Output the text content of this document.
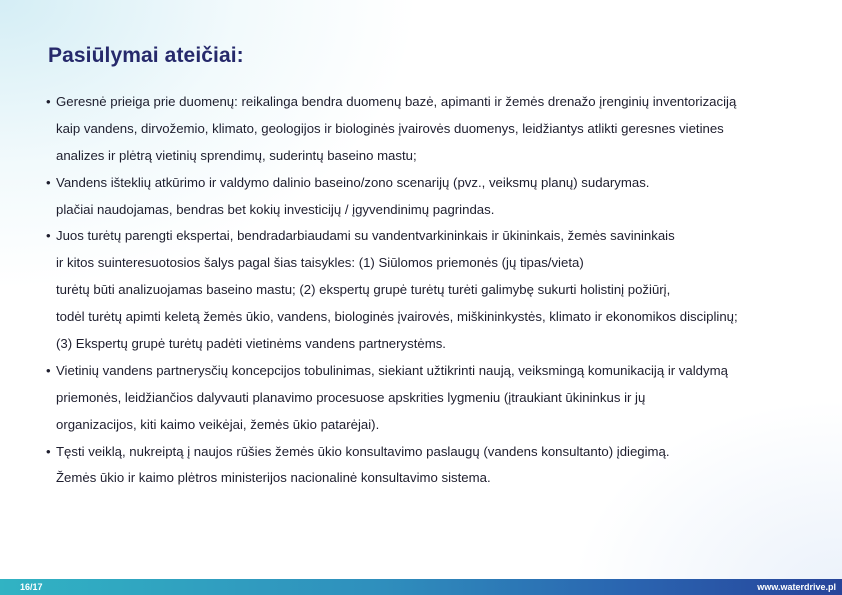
Pasiūlymai ateičiai:
• Geresnė prieiga prie duomenų: reikalinga bendra duomenų bazė, apimanti ir žemės drenažo įrenginių inventorizaciją
kaip vandens, dirvožemio, klimato, geologijos ir biologinės įvairovės duomenys, leidžiantys atlikti geresnes vietines
analizes ir plėtrą vietinių sprendimų, suderintų baseino mastu;
• Vandens išteklių atkūrimo ir valdymo dalinio baseino/zono scenarijų (pvz., veiksmų planų) sudarymas.
plačiai naudojamas, bendras bet kokių investicijų / įgyvendinimų pagrindas.
• Juos turėtų parengti ekspertai, bendradarbiaudami su vandentvarkininkais ir ūkininkais, žemės savininkais
ir kitos suinteresuotosios šalys pagal šias taisykles: (1) Siūlomos priemonės (jų tipas/vieta)
turėtų būti analizuojamas baseino mastu; (2) ekspertų grupė turėtų turėti galimybę sukurti holistinį požiūrį,
todėl turėtų apimti keletą žemės ūkio, vandens, biologinės įvairovės, miškininkystės, klimato ir ekonomikos disciplinų;
(3) Ekspertų grupė turėtų padėti vietinėms vandens partnerystėms.
• Vietinių vandens partnerysčių koncepcijos tobulinimas, siekiant užtikrinti naują, veiksmingą komunikaciją ir valdymą
priemonės, leidžiančios dalyvauti planavimo procesuose apskrities lygmeniu (įtraukiant ūkininkus ir jų
organizacijos, kiti kaimo veikėjai, žemės ūkio patarėjai).
• Tęsti veiklą, nukreiptą į naujos rūšies žemės ūkio konsultavimo paslaugų (vandens konsultanto) įdiegimą.
Žemės ūkio ir kaimo plėtros ministerijos nacionalinė konsultavimo sistema.
16/17	www.waterdrive.pl
